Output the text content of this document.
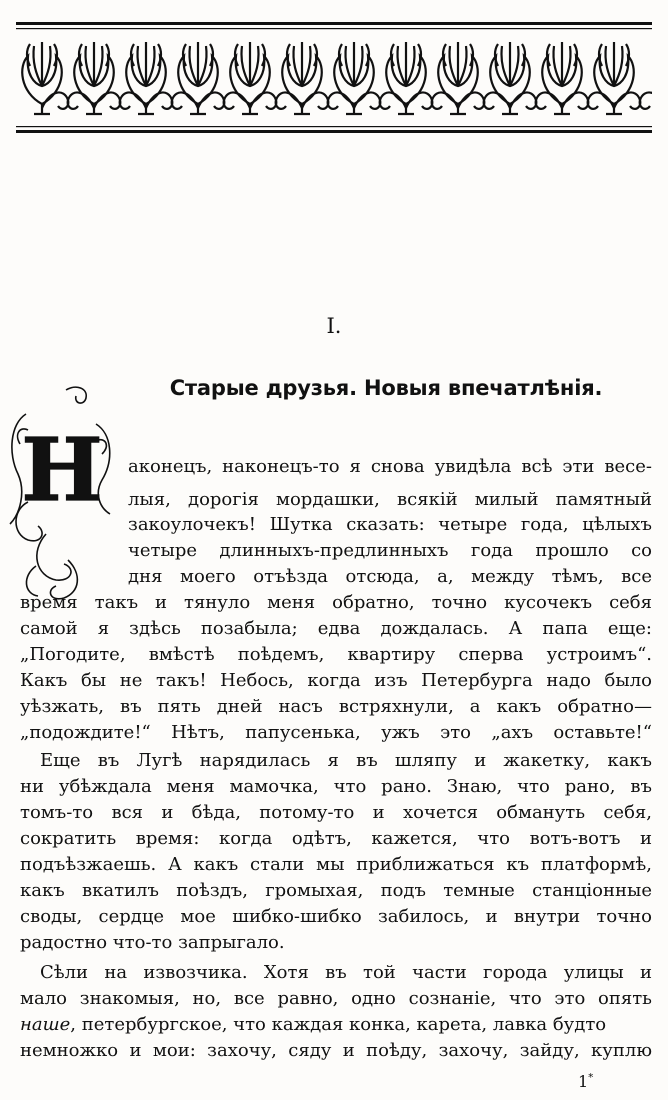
I.
Старые друзья. Новыя впечатлѣнія.
Н аконецъ, наконецъ-то я снова увидѣла всѣ эти весе-
лыя, дорогія мордашки, всякій милый памятный
закоулочекъ! Шутка сказать: четыре года, цѣлыхъ
четыре длинныхъ-предлинныхъ года прошло со
дня моего отъѣзда отсюда, а, между тѣмъ, все
время такъ и тянуло меня обратно, точно кусочекъ себя
самой я здѣсь позабыла; едва дождалась. А папа еще:
„Погодите, вмѣстѣ поѣдемъ, квартиру сперва устроимъ“.
Какъ бы не такъ! Небось, когда изъ Петербурга надо было
уѣзжать, въ пять дней насъ встряхнули, а какъ обратно—
„подождите!“ Нѣтъ, папусенька, ужъ это „ахъ оставьте!“
Еще въ Лугѣ нарядилась я въ шляпу и жакетку, какъ
ни убѣждала меня мамочка, что рано. Знаю, что рано, въ
томъ-то вся и бѣда, потому-то и хочется обмануть себя,
сократить время: когда одѣтъ, кажется, что вотъ-вотъ и
подъѣзжаешь. А какъ стали мы приближаться къ платформѣ,
какъ вкатилъ поѣздъ, громыхая, подъ темные станціонные
своды, сердце мое шибко-шибко забилось, и внутри точно
радостно что-то запрыгало.
Сѣли на извозчика. Хотя въ той части города улицы и
мало знакомыя, но, все равно, одно сознаніе, что это опять
наше, петербургское, что каждая конка, карета, лавка будто
немножко и мои: захочу, сяду и поѣду, захочу, зайду, куплю
1*
